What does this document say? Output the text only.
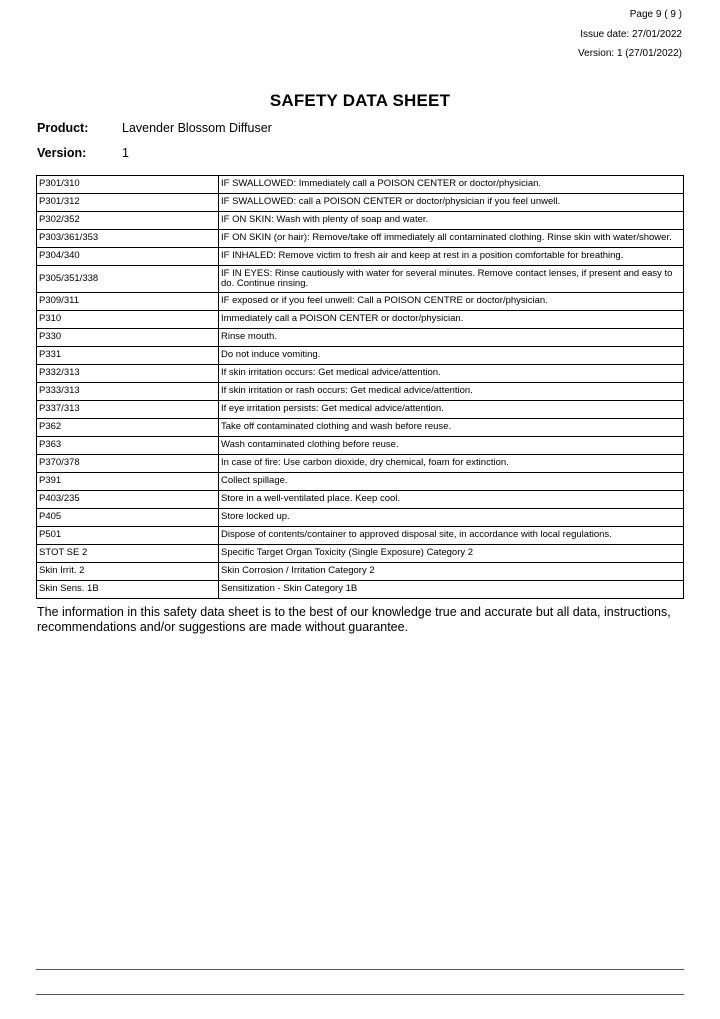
Page 9 ( 9 )
Issue date: 27/01/2022
Version: 1 (27/01/2022)
SAFETY DATA SHEET
Product:	Lavender Blossom Diffuser
Version:	1
P301/310	IF SWALLOWED: Immediately call a POISON CENTER or doctor/physician.
P301/312	IF SWALLOWED: call a POISON CENTER or doctor/physician if you feel unwell.
P302/352	IF ON SKIN: Wash with plenty of soap and water.
P303/361/353	IF ON SKIN (or hair): Remove/take off immediately all contaminated clothing. Rinse skin with water/shower.
P304/340	IF INHALED: Remove victim to fresh air and keep at rest in a position comfortable for breathing.
P305/351/338	IF IN EYES: Rinse cautiously with water for several minutes. Remove contact lenses, if present and easy to do. Continue rinsing.
P309/311	IF exposed or if you feel unwell: Call a POISON CENTRE or doctor/physician.
P310	Immediately call a POISON CENTER or doctor/physician.
P330	Rinse mouth.
P331	Do not induce vomiting.
P332/313	If skin irritation occurs: Get medical advice/attention.
P333/313	If skin irritation or rash occurs: Get medical advice/attention.
P337/313	If eye irritation persists: Get medical advice/attention.
P362	Take off contaminated clothing and wash before reuse.
P363	Wash contaminated clothing before reuse.
P370/378	In case of fire: Use carbon dioxide, dry chemical, foam for extinction.
P391	Collect spillage.
P403/235	Store in a well-ventilated place. Keep cool.
P405	Store locked up.
P501	Dispose of contents/container to approved disposal site, in accordance with local regulations.
STOT SE 2	Specific Target Organ Toxicity (Single Exposure) Category 2
Skin Irrit. 2	Skin Corrosion / Irritation Category 2
Skin Sens. 1B	Sensitization - Skin Category 1B
The information in this safety data sheet is to the best of our knowledge true and accurate but all data, instructions, recommendations and/or suggestions are made without guarantee.
